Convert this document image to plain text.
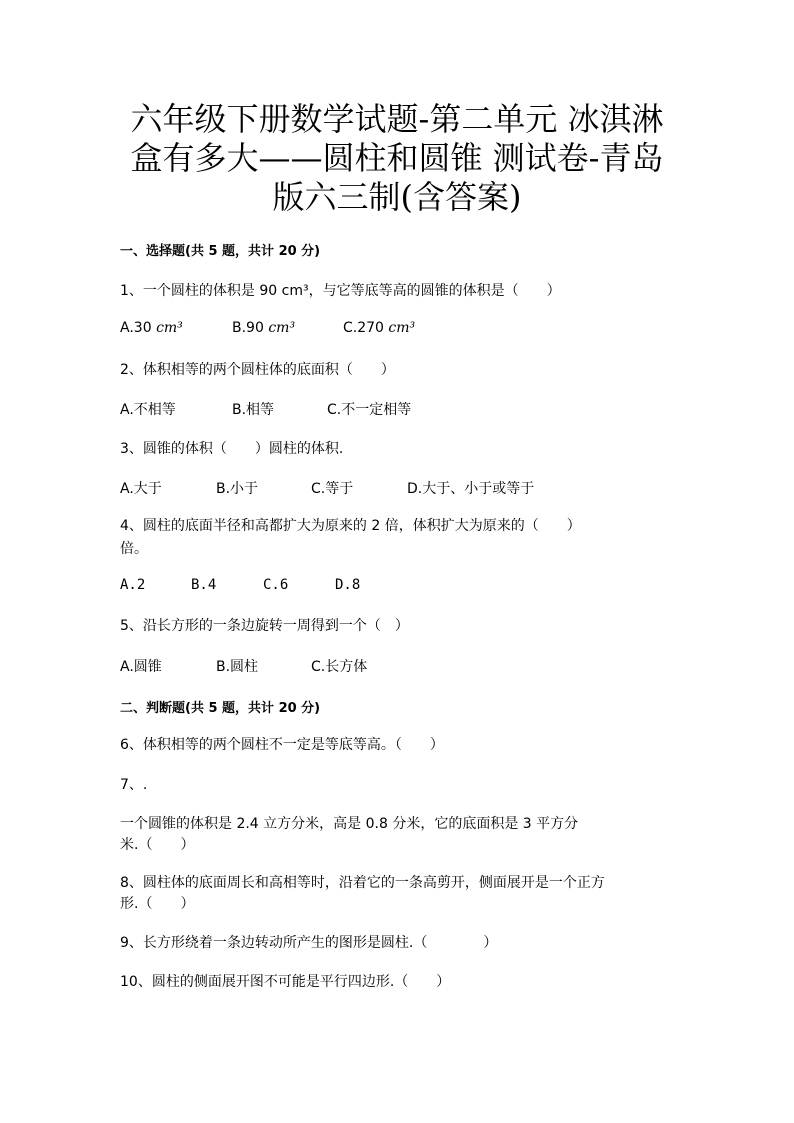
六年级下册数学试题-第二单元 冰淇淋
盒有多大——圆柱和圆锥 测试卷-青岛
版六三制(含答案)
一、选择题(共 5 题，共计 20 分)
1、一个圆柱的体积是 90 cm³，与它等底等高的圆锥的体积是（　　）
A.30 cm³	B.90 cm³	C.270 cm³
2、体积相等的两个圆柱体的底面积（　　）
A.不相等	B.相等	C.不一定相等
3、圆锥的体积（　　）圆柱的体积.
A.大于	B.小于	C.等于	D.大于、小于或等于
4、圆柱的底面半径和高都扩大为原来的 2 倍，体积扩大为原来的（　　）
倍。
A.2	B.4	C.6	D.8
5、沿长方形的一条边旋转一周得到一个（　）
A.圆锥	B.圆柱	C.长方体
二、判断题(共 5 题，共计 20 分)
6、体积相等的两个圆柱不一定是等底等高。（　　）
7、.
一个圆锥的体积是 2.4 立方分米，高是 0.8 分米，它的底面积是 3 平方分
米.（　　）
8、圆柱体的底面周长和高相等时，沿着它的一条高剪开，侧面展开是一个正方
形.（　　）
9、长方形绕着一条边转动所产生的图形是圆柱.（　　　　）
10、圆柱的侧面展开图不可能是平行四边形.（　　）
